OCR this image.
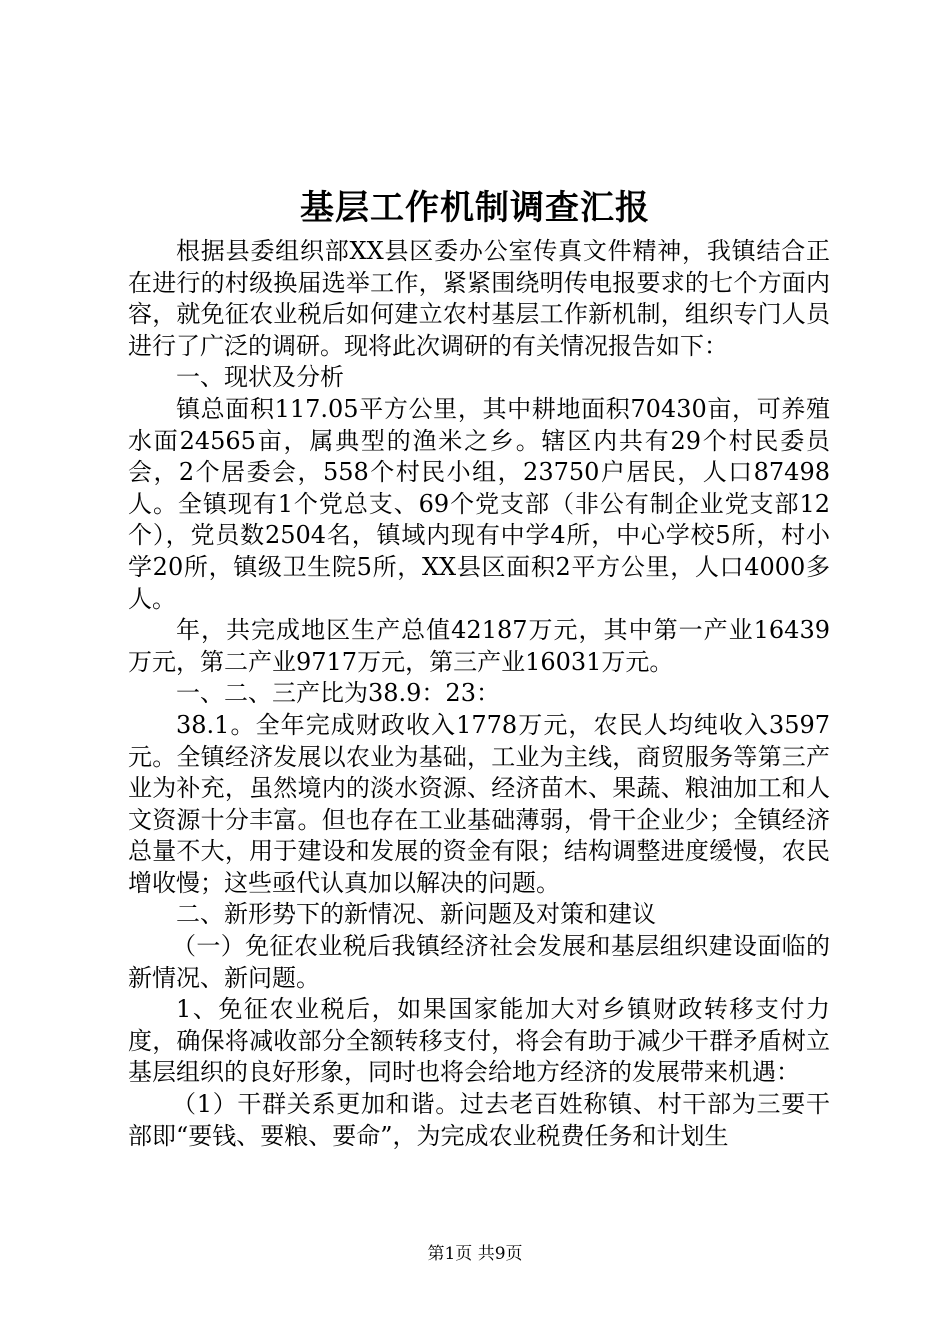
基层工作机制调查汇报

根据县委组织部XX县区委办公室传真文件精神，我镇结合正在进行的村级换届选举工作，紧紧围绕明传电报要求的七个方面内容，就免征农业税后如何建立农村基层工作新机制，组织专门人员进行了广泛的调研。现将此次调研的有关情况报告如下：

一、现状及分析

镇总面积117.05平方公里，其中耕地面积70430亩，可养殖水面24565亩，属典型的渔米之乡。辖区内共有29个村民委员会，2个居委会，558个村民小组，23750户居民，人口87498人。全镇现有1个党总支、69个党支部（非公有制企业党支部12个），党员数2504名，镇域内现有中学4所，中心学校5所，村小学20所，镇级卫生院5所，XX县区面积2平方公里，人口4000多人。

年，共完成地区生产总值42187万元，其中第一产业16439万元，第二产业9717万元，第三产业16031万元。

一、二、三产比为38.9：23：

38.1。全年完成财政收入1778万元，农民人均纯收入3597元。全镇经济发展以农业为基础，工业为主线，商贸服务等第三产业为补充，虽然境内的淡水资源、经济苗木、果蔬、粮油加工和人文资源十分丰富。但也存在工业基础薄弱，骨干企业少；全镇经济总量不大，用于建设和发展的资金有限；结构调整进度缓慢，农民增收慢；这些亟代认真加以解决的问题。

二、新形势下的新情况、新问题及对策和建议

（一）免征农业税后我镇经济社会发展和基层组织建设面临的新情况、新问题。

1、免征农业税后，如果国家能加大对乡镇财政转移支付力度，确保将减收部分全额转移支付，将会有助于减少干群矛盾树立基层组织的良好形象，同时也将会给地方经济的发展带来机遇：

（1）干群关系更加和谐。过去老百姓称镇、村干部为三要干部即“要钱、要粮、要命”，为完成农业税费任务和计划生

第1页 共9页
